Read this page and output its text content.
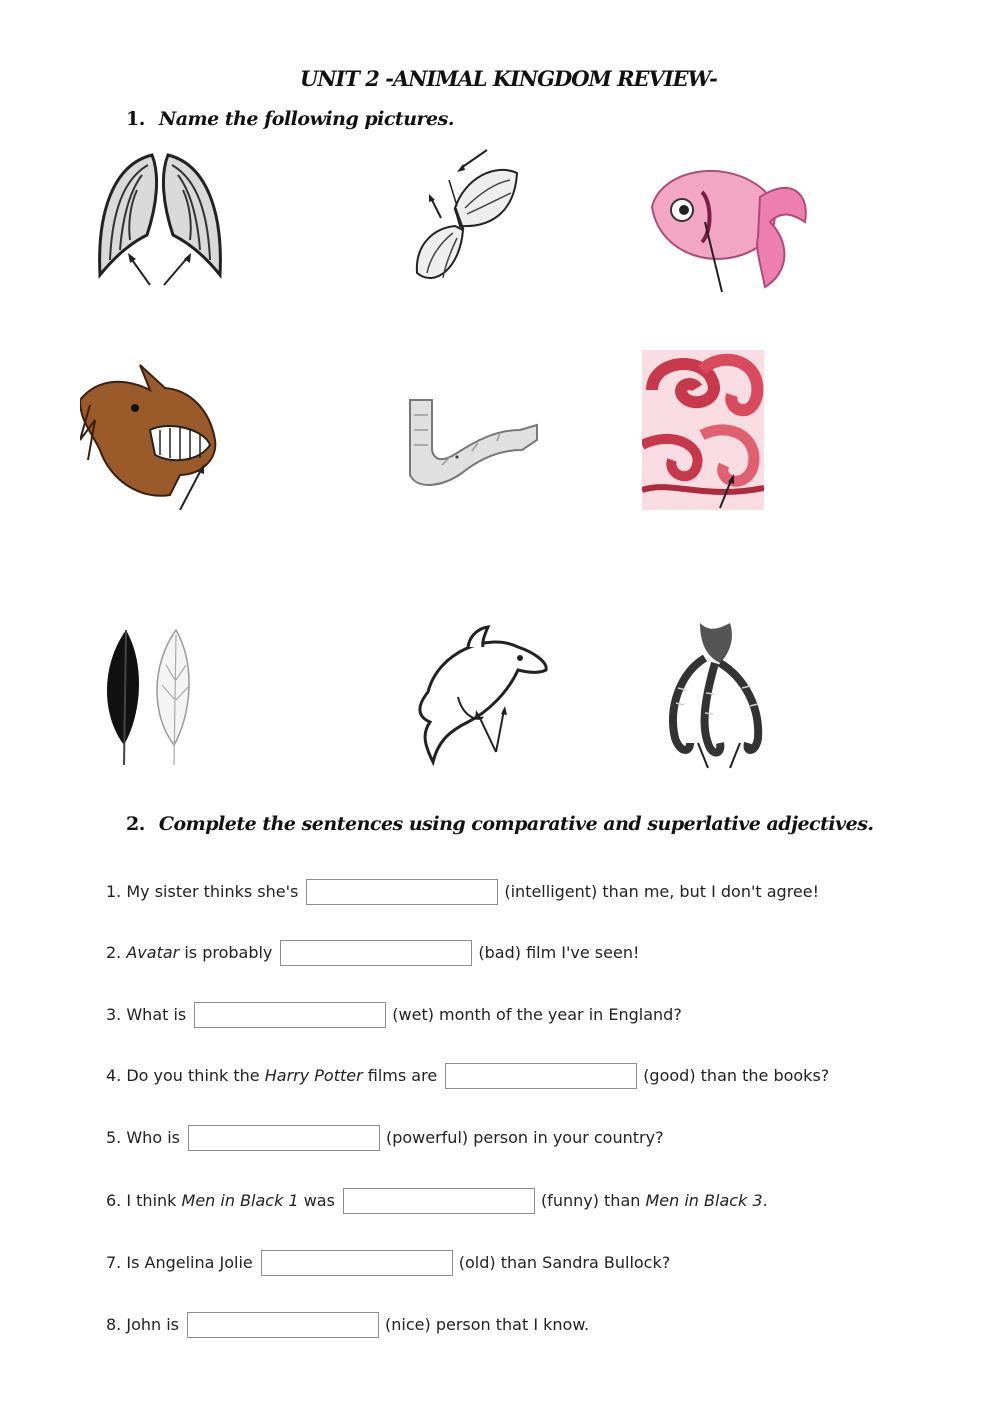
UNIT 2 -ANIMAL KINGDOM REVIEW-
1. Name the following pictures.
2. Complete the sentences using comparative and superlative adjectives.
1. My sister thinks she's	(intelligent) than me, but I don't agree!
2.
Avatar is probably	(bad) film I've seen!
3. What is	(wet) month of the year in England?
4. Do you think the Harry Potter films are	(good) than the books?
5. Who is	(powerful) person in your country?
6. I think Men in Black 1 was	(funny) than Men in Black 3 .
7. Is Angelina Jolie	(old) than Sandra Bullock?
8. John is	(nice) person that I know.
